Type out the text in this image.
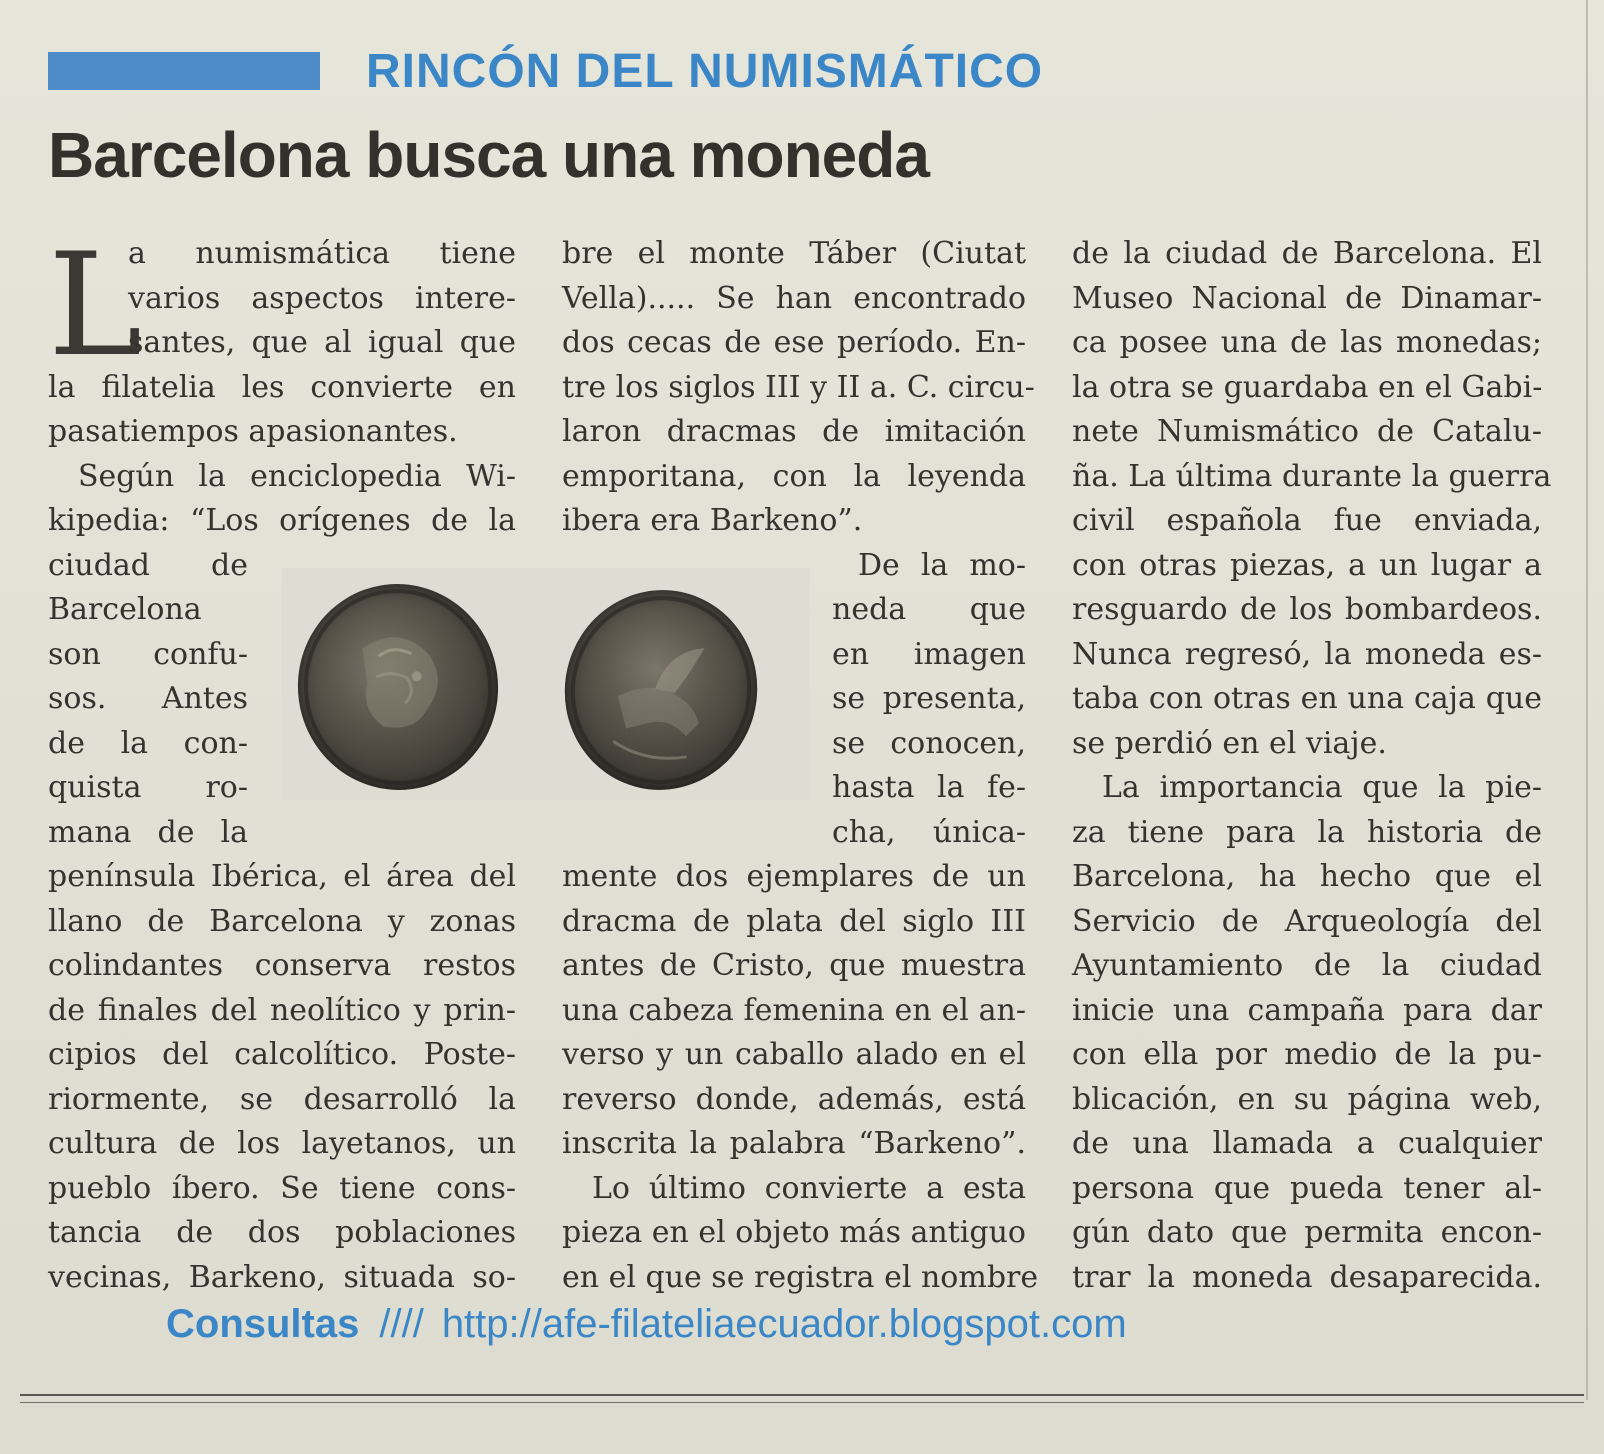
RINCÓN DEL NUMISMÁTICO
Barcelona busca una moneda
L
a numismática tiene
varios aspectos intere-
santes, que al igual que
la filatelia les convierte en
pasatiempos apasionantes.
Según la enciclopedia Wi-
kipedia: “Los orígenes de la
ciudad de
Barcelona
son confu-
sos. Antes
de la con-
quista ro-
mana de la
península Ibérica, el área del
llano de Barcelona y zonas
colindantes conserva restos
de finales del neolítico y prin-
cipios del calcolítico. Poste-
riormente, se desarrolló la
cultura de los layetanos, un
pueblo íbero. Se tiene cons-
tancia de dos poblaciones
vecinas, Barkeno, situada so-
bre el monte Táber (Ciutat
Vella)..... Se han encontrado
dos cecas de ese período. En-
tre los siglos III y II a. C. circu-
laron dracmas de imitación
emporitana, con la leyenda
ibera era Barkeno”.
De la mo-
neda que
en imagen
se presenta,
se conocen,
hasta la fe-
cha, únicа-
mente dos ejemplares de un
dracma de plata del siglo III
antes de Cristo, que muestra
una cabeza femenina en el an-
verso y un caballo alado en el
reverso donde, además, está
inscrita la palabra “Barkeno”.
Lo último convierte a esta
pieza en el objeto más antiguo
en el que se registra el nombre
de la ciudad de Barcelona. El
Museo Nacional de Dinamar-
ca posee una de las monedas;
la otra se guardaba en el Gabi-
nete Numismático de Catalu-
ña. La última durante la guerra
civil española fue enviada,
con otras piezas, a un lugar a
resguardo de los bombardeos.
Nunca regresó, la moneda es-
taba con otras en una caja que
se perdió en el viaje.
La importancia que la pie-
za tiene para la historia de
Barcelona, ha hecho que el
Servicio de Arqueología del
Ayuntamiento de la ciudad
inicie una campaña para dar
con ella por medio de la pu-
blicación, en su página web,
de una llamada a cualquier
persona que pueda tener al-
gún dato que permita encon-
trar la moneda desaparecida.
Consultas //// http://afe-filateliaecuador.blogspot.com
